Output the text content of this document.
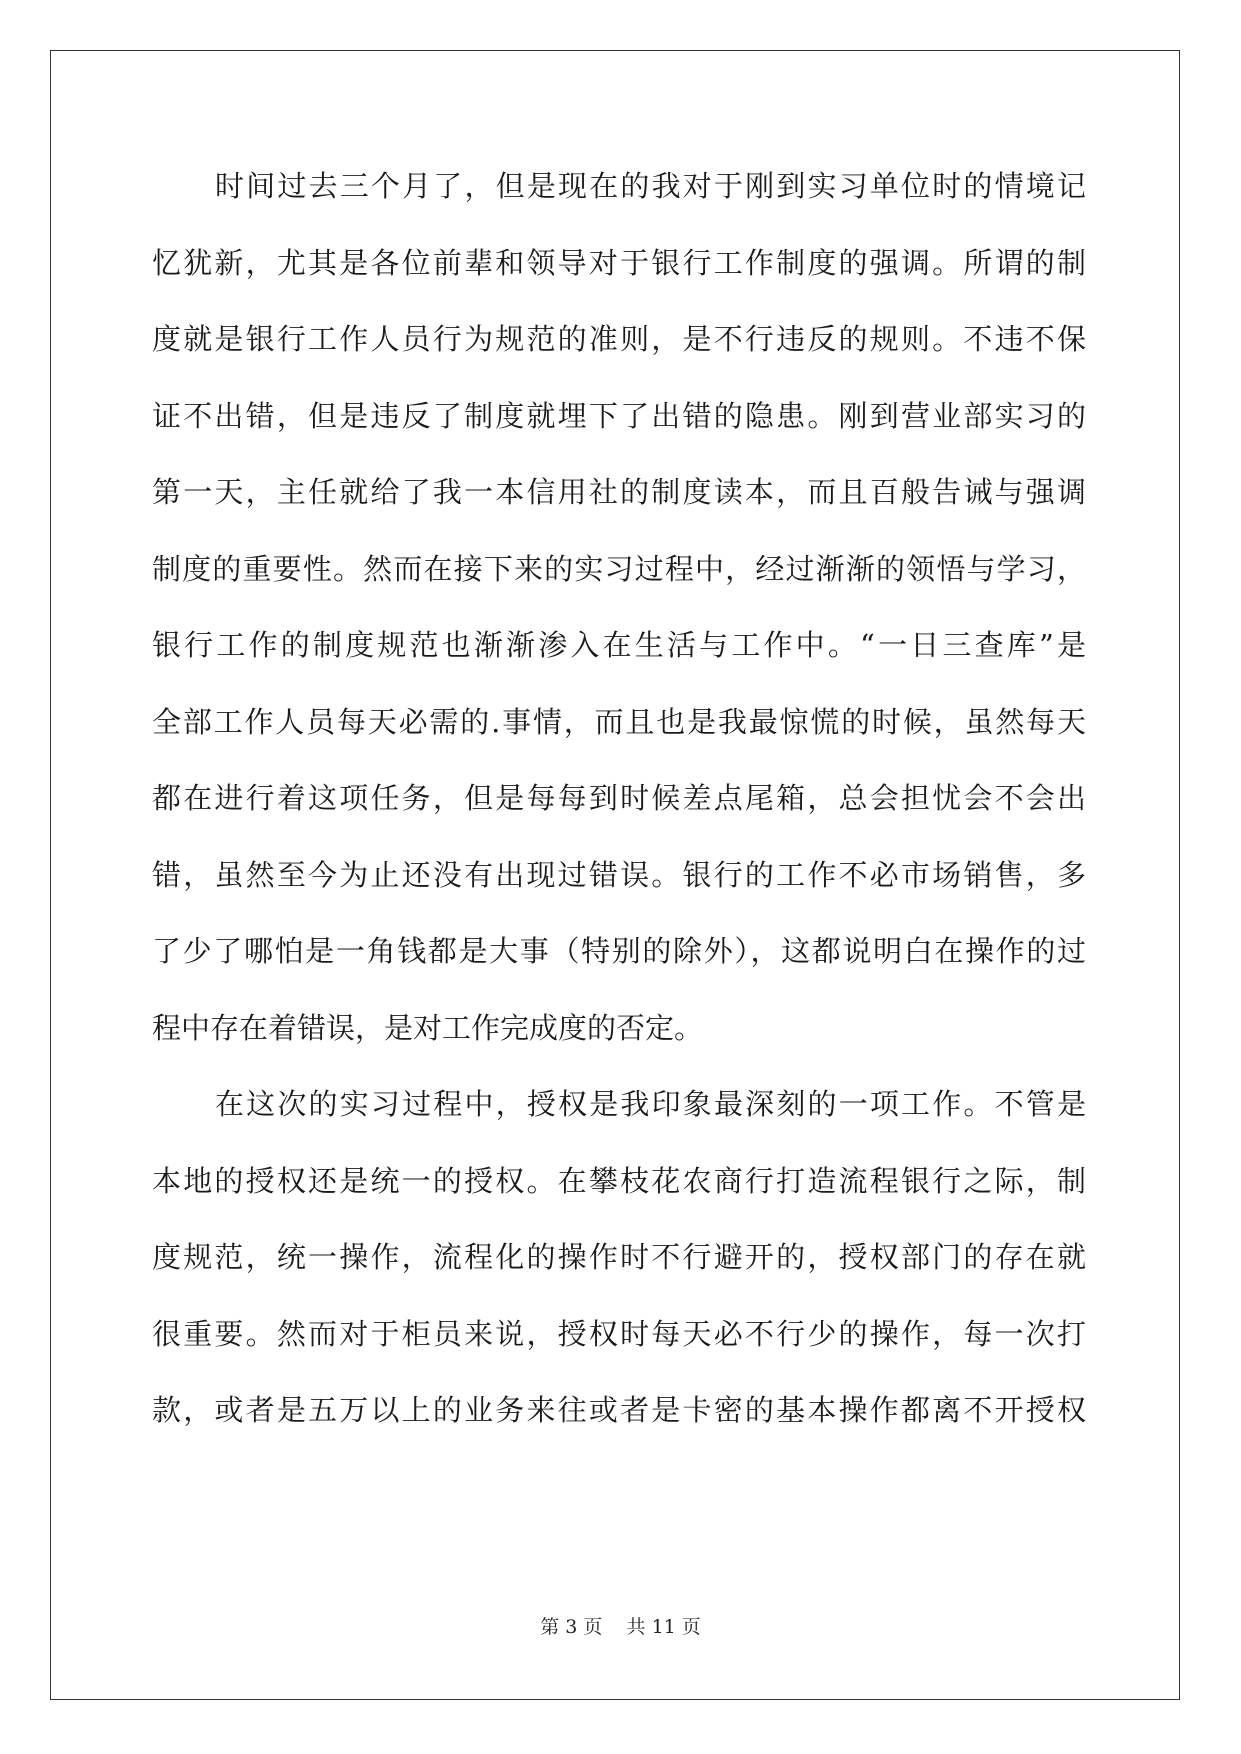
时间过去三个月了，但是现在的我对于刚到实习单位时的情境记
忆犹新，尤其是各位前辈和领导对于银行工作制度的强调。所谓的制
度就是银行工作人员行为规范的准则，是不行违反的规则。不违不保
证不出错，但是违反了制度就埋下了出错的隐患。刚到营业部实习的
第一天，主任就给了我一本信用社的制度读本，而且百般告诫与强调
制度的重要性。然而在接下来的实习过程中，经过渐渐的领悟与学习，
银行工作的制度规范也渐渐渗入在生活与工作中。“一日三查库”是
全部工作人员每天必需的.事情，而且也是我最惊慌的时候，虽然每天
都在进行着这项任务，但是每每到时候差点尾箱，总会担忧会不会出
错，虽然至今为止还没有出现过错误。银行的工作不必市场销售，多
了少了哪怕是一角钱都是大事（特别的除外），这都说明白在操作的过
程中存在着错误，是对工作完成度的否定。
在这次的实习过程中，授权是我印象最深刻的一项工作。不管是
本地的授权还是统一的授权。在攀枝花农商行打造流程银行之际，制
度规范，统一操作，流程化的操作时不行避开的，授权部门的存在就
很重要。然而对于柜员来说，授权时每天必不行少的操作，每一次打
款，或者是五万以上的业务来往或者是卡密的基本操作都离不开授权
第 3 页    共 11 页
